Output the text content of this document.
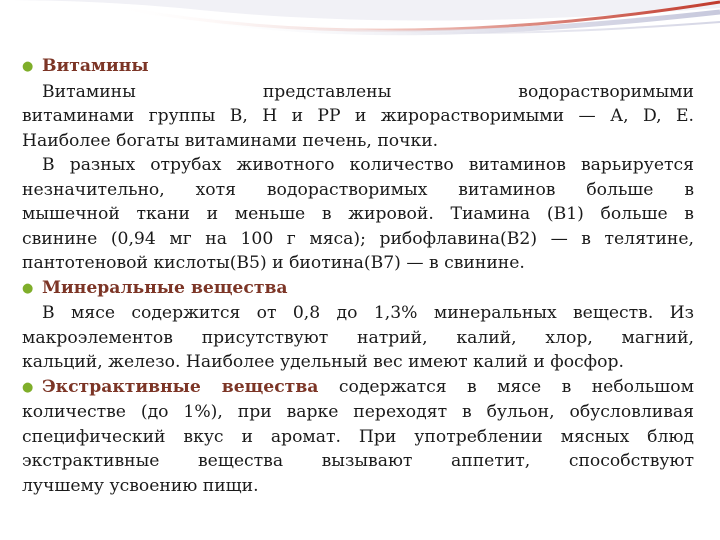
● Витамины
Витамины	представлены водорастворимыми
витаминами группы В, Н и РР и жирорастворимыми — А, D, Е.
Наиболее богаты витаминами печень, почки.
В разных отрубах животного количество витаминов варьируется
незначительно, хотя водорастворимых витаминов больше в
мышечной ткани и меньше в жировой. Тиамина (В1) больше в
свинине (0,94 мг на 100 г мяса); рибофлавина(В2) — в телятине,
пантотеновой кислоты(В5) и биотина(В7) — в свинине.
● Минеральные вещества
В мясе содержится от 0,8 до 1,3% минеральных веществ. Из
макроэлементов присутствуют натрий, калий, хлор, магний,
кальций, железо. Наиболее удельный вес имеют калий и фосфор.
● Экстрактивные вещества содержатся в мясе в небольшом
количестве (до 1%), при варке переходят в бульон, обусловливая
специфический вкус и аромат. При употреблении мясных блюд
экстрактивные вещества вызывают аппетит, способствуют
лучшему усвоению пищи.
